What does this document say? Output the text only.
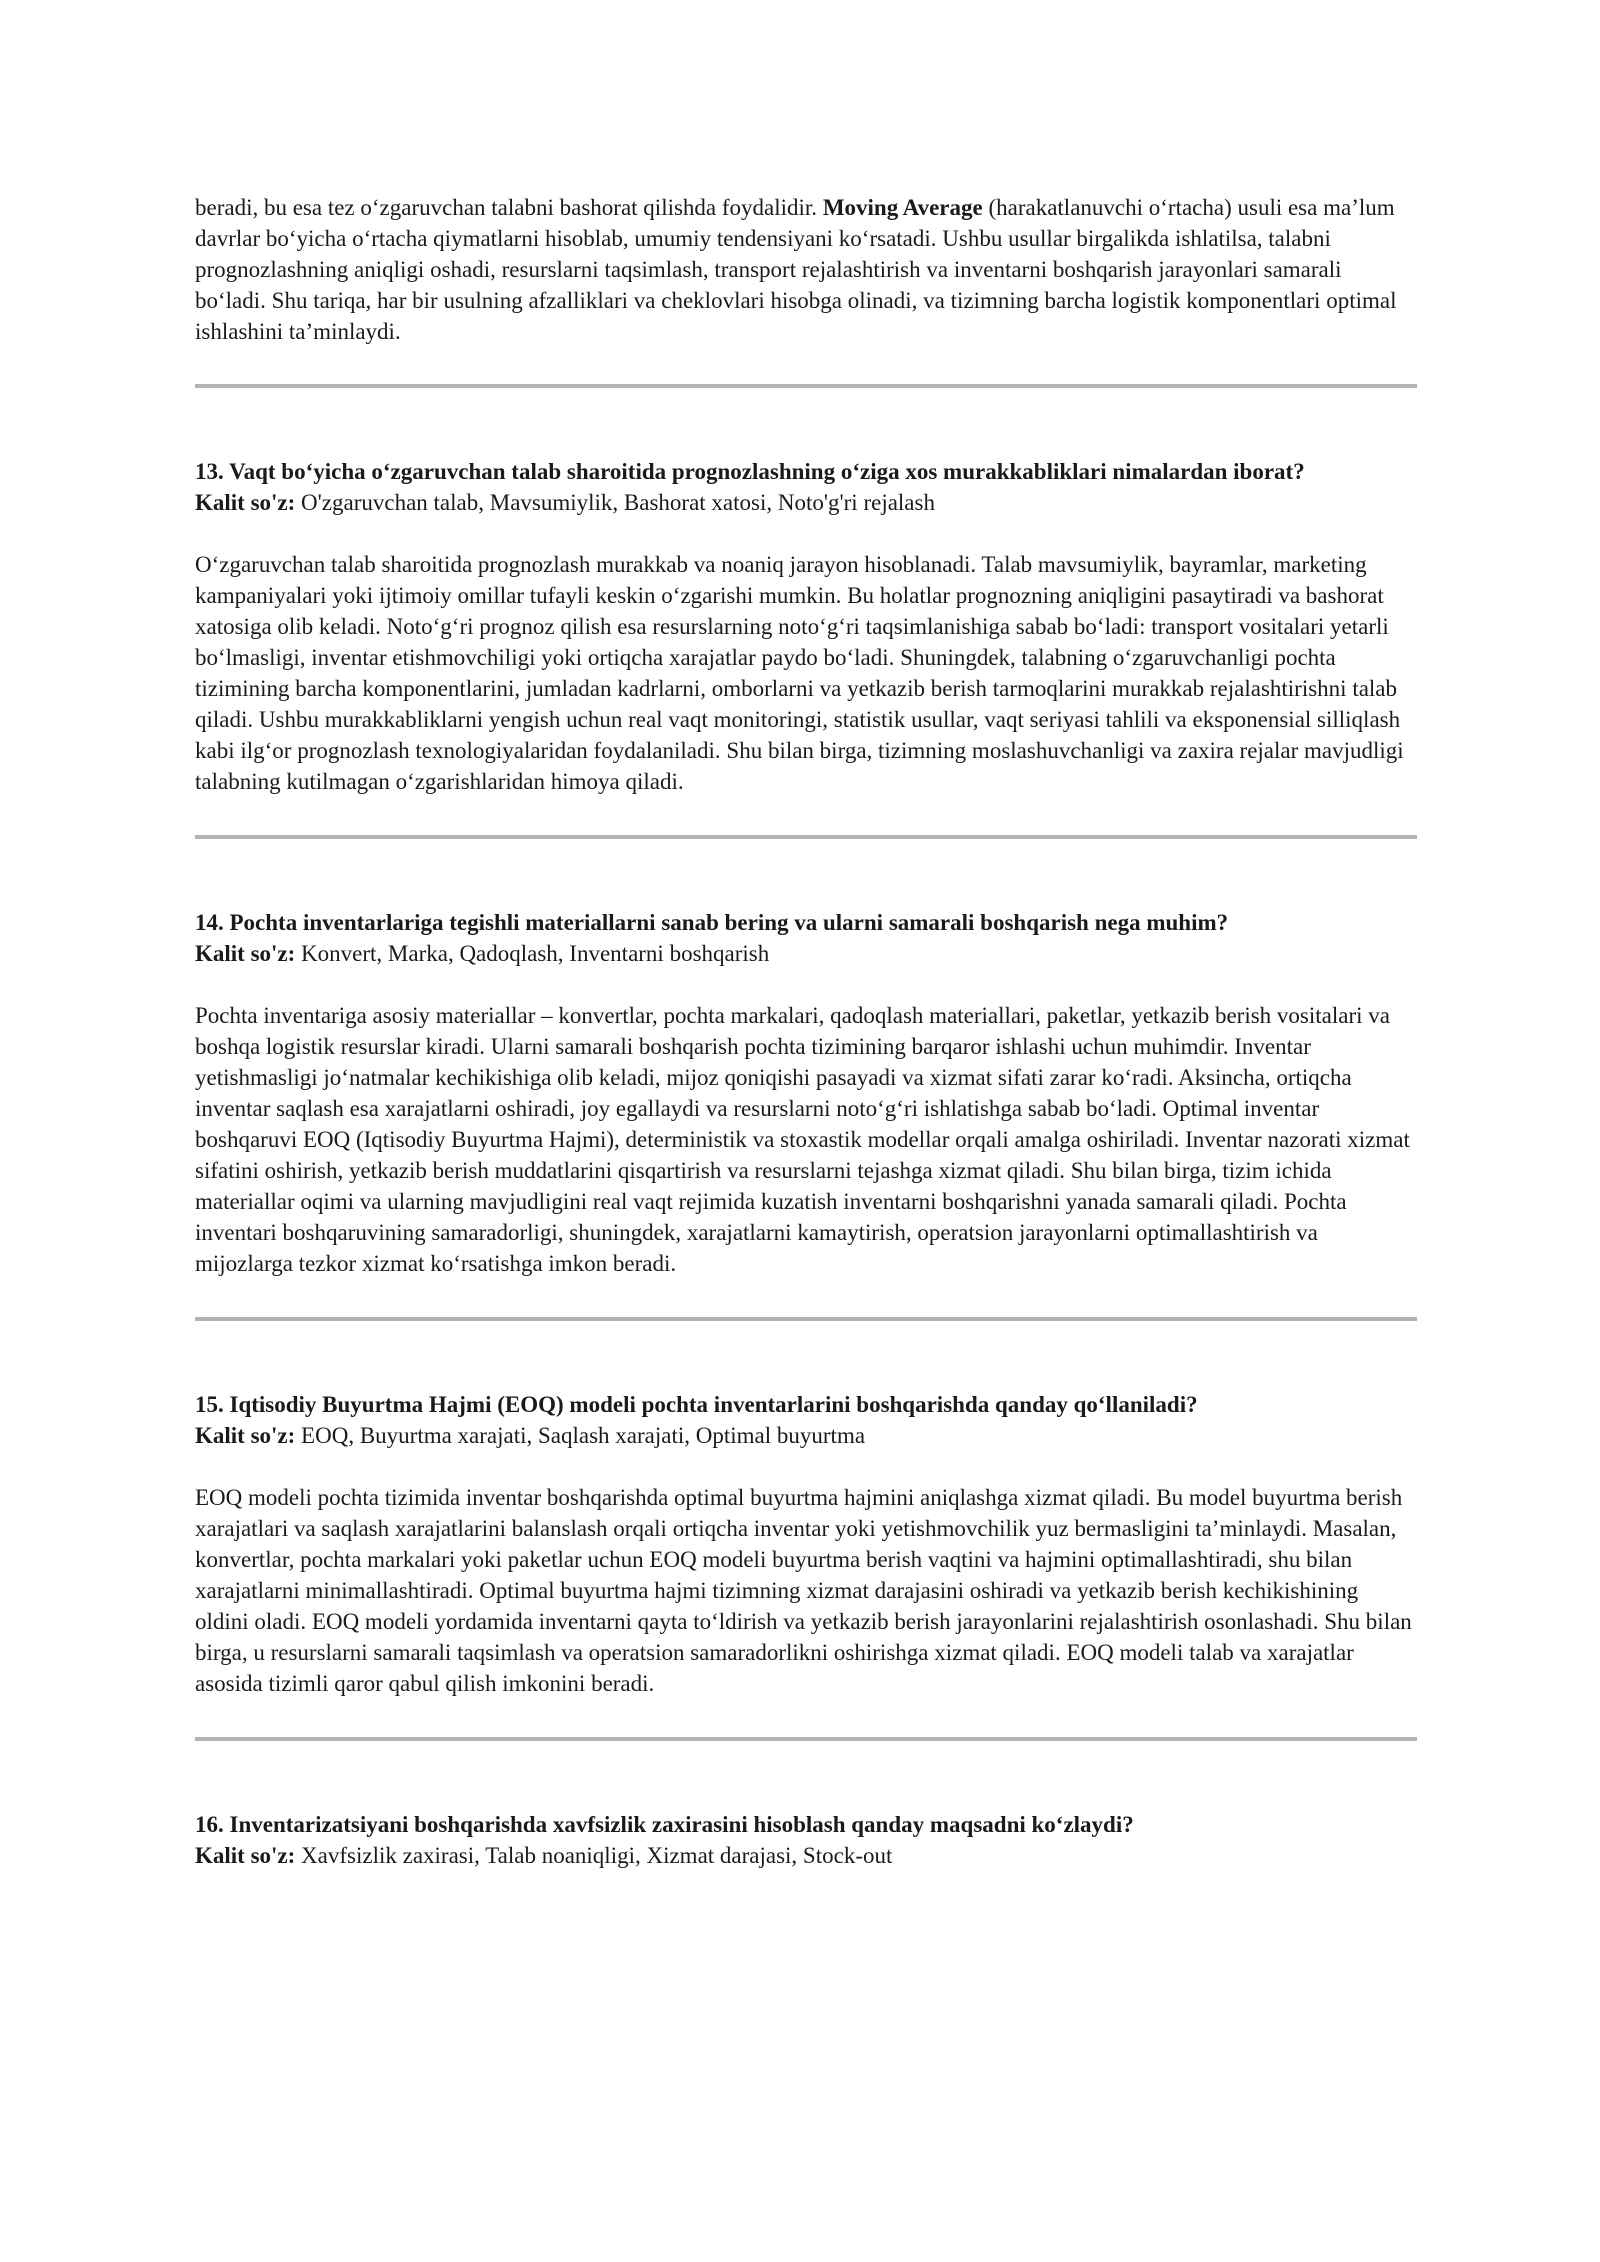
beradi, bu esa tez o‘zgaruvchan talabni bashorat qilishda foydalidir. Moving Average (harakatlanuvchi o‘rtacha) usuli esa ma’lum davrlar bo‘yicha o‘rtacha qiymatlarni hisoblab, umumiy tendensiyani ko‘rsatadi. Ushbu usullar birgalikda ishlatilsa, talabni prognozlashning aniqligi oshadi, resurslarni taqsimlash, transport rejalashtirish va inventarni boshqarish jarayonlari samarali bo‘ladi. Shu tariqa, har bir usulning afzalliklari va cheklovlari hisobga olinadi, va tizimning barcha logistik komponentlari optimal ishlashini ta’minlaydi.

13. Vaqt bo‘yicha o‘zgaruvchan talab sharoitida prognozlashning o‘ziga xos murakkabliklari nimalardan iborat?

Kalit so'z: O'zgaruvchan talab, Mavsumiylik, Bashorat xatosi, Noto'g'ri rejalash

O‘zgaruvchan talab sharoitida prognozlash murakkab va noaniq jarayon hisoblanadi. Talab mavsumiylik, bayramlar, marketing kampaniyalari yoki ijtimoiy omillar tufayli keskin o‘zgarishi mumkin. Bu holatlar prognozning aniqligini pasaytiradi va bashorat xatosiga olib keladi. Noto‘g‘ri prognoz qilish esa resurslarning noto‘g‘ri taqsimlanishiga sabab bo‘ladi: transport vositalari yetarli bo‘lmasligi, inventar etishmovchiligi yoki ortiqcha xarajatlar paydo bo‘ladi. Shuningdek, talabning o‘zgaruvchanligi pochta tizimining barcha komponentlarini, jumladan kadrlarni, omborlarni va yetkazib berish tarmoqlarini murakkab rejalashtirishni talab qiladi. Ushbu murakkabliklarni yengish uchun real vaqt monitoringi, statistik usullar, vaqt seriyasi tahlili va eksponensial silliqlash kabi ilg‘or prognozlash texnologiyalaridan foydalaniladi. Shu bilan birga, tizimning moslashuvchanligi va zaxira rejalar mavjudligi talabning kutilmagan o‘zgarishlaridan himoya qiladi.

14. Pochta inventarlariga tegishli materiallarni sanab bering va ularni samarali boshqarish nega muhim?

Kalit so'z: Konvert, Marka, Qadoqlash, Inventarni boshqarish

Pochta inventariga asosiy materiallar – konvertlar, pochta markalari, qadoqlash materiallari, paketlar, yetkazib berish vositalari va boshqa logistik resurslar kiradi. Ularni samarali boshqarish pochta tizimining barqaror ishlashi uchun muhimdir. Inventar yetishmasligi jo‘natmalar kechikishiga olib keladi, mijoz qoniqishi pasayadi va xizmat sifati zarar ko‘radi. Aksincha, ortiqcha inventar saqlash esa xarajatlarni oshiradi, joy egallaydi va resurslarni noto‘g‘ri ishlatishga sabab bo‘ladi. Optimal inventar boshqaruvi EOQ (Iqtisodiy Buyurtma Hajmi), deterministik va stoxastik modellar orqali amalga oshiriladi. Inventar nazorati xizmat sifatini oshirish, yetkazib berish muddatlarini qisqartirish va resurslarni tejashga xizmat qiladi. Shu bilan birga, tizim ichida materiallar oqimi va ularning mavjudligini real vaqt rejimida kuzatish inventarni boshqarishni yanada samarali qiladi. Pochta inventari boshqaruvining samaradorligi, shuningdek, xarajatlarni kamaytirish, operatsion jarayonlarni optimallashtirish va mijozlarga tezkor xizmat ko‘rsatishga imkon beradi.

15. Iqtisodiy Buyurtma Hajmi (EOQ) modeli pochta inventarlarini boshqarishda qanday qo‘llaniladi?

Kalit so'z: EOQ, Buyurtma xarajati, Saqlash xarajati, Optimal buyurtma

EOQ modeli pochta tizimida inventar boshqarishda optimal buyurtma hajmini aniqlashga xizmat qiladi. Bu model buyurtma berish xarajatlari va saqlash xarajatlarini balanslash orqali ortiqcha inventar yoki yetishmovchilik yuz bermasligini ta’minlaydi. Masalan, konvertlar, pochta markalari yoki paketlar uchun EOQ modeli buyurtma berish vaqtini va hajmini optimallashtiradi, shu bilan xarajatlarni minimallashtiradi. Optimal buyurtma hajmi tizimning xizmat darajasini oshiradi va yetkazib berish kechikishining oldini oladi. EOQ modeli yordamida inventarni qayta to‘ldirish va yetkazib berish jarayonlarini rejalashtirish osonlashadi. Shu bilan birga, u resurslarni samarali taqsimlash va operatsion samaradorlikni oshirishga xizmat qiladi. EOQ modeli talab va xarajatlar asosida tizimli qaror qabul qilish imkonini beradi.

16. Inventarizatsiyani boshqarishda xavfsizlik zaxirasini hisoblash qanday maqsadni ko‘zlaydi?

Kalit so'z: Xavfsizlik zaxirasi, Talab noaniqligi, Xizmat darajasi, Stock-out
